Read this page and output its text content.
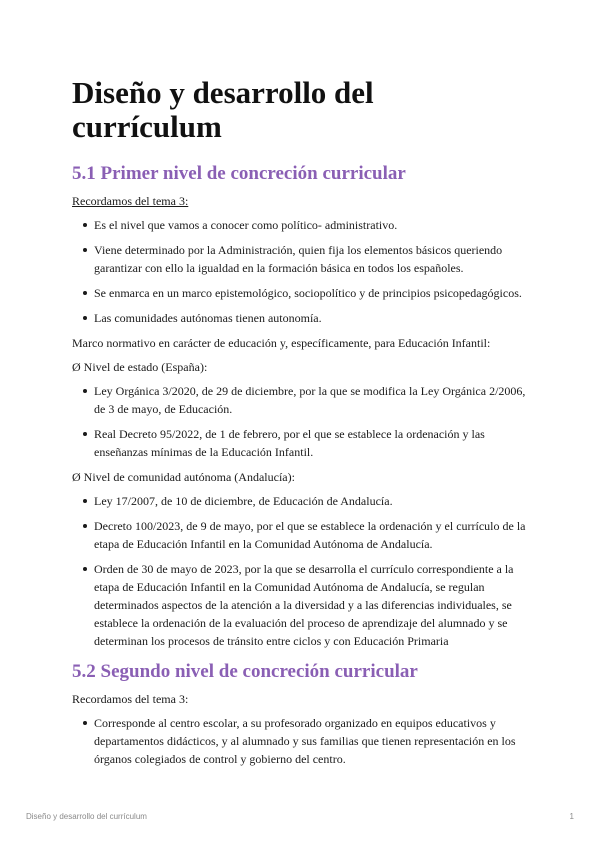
Diseño y desarrollo del currículum
5.1 Primer nivel de concreción curricular

Recordamos del tema 3:

Es el nivel que vamos a conocer como político- administrativo.
Viene determinado por la Administración, quien fija los elementos básicos queriendo garantizar con ello la igualdad en la formación básica en todos los españoles.
Se enmarca en un marco epistemológico, sociopolítico y de principios psicopedagógicos.
Las comunidades autónomas tienen autonomía.

Marco normativo en carácter de educación y, específicamente, para Educación Infantil:

Ø Nivel de estado (España):

Ley Orgánica 3/2020, de 29 de diciembre, por la que se modifica la Ley Orgánica 2/2006, de 3 de mayo, de Educación.
Real Decreto 95/2022, de 1 de febrero, por el que se establece la ordenación y las enseñanzas mínimas de la Educación Infantil.

Ø Nivel de comunidad autónoma (Andalucía):

Ley 17/2007, de 10 de diciembre, de Educación de Andalucía.
Decreto 100/2023, de 9 de mayo, por el que se establece la ordenación y el currículo de la etapa de Educación Infantil en la Comunidad Autónoma de Andalucía.
Orden de 30 de mayo de 2023, por la que se desarrolla el currículo correspondiente a la etapa de Educación Infantil en la Comunidad Autónoma de Andalucía, se regulan determinados aspectos de la atención a la diversidad y a las diferencias individuales, se establece la ordenación de la evaluación del proceso de aprendizaje del alumnado y se determinan los procesos de tránsito entre ciclos y con Educación Primaria
5.2 Segundo nivel de concreción curricular

Recordamos del tema 3:

Corresponde al centro escolar, a su profesorado organizado en equipos educativos y departamentos didácticos, y al alumnado y sus familias que tienen representación en los órganos colegiados de control y gobierno del centro.
Diseño y desarrollo del currículum	1
